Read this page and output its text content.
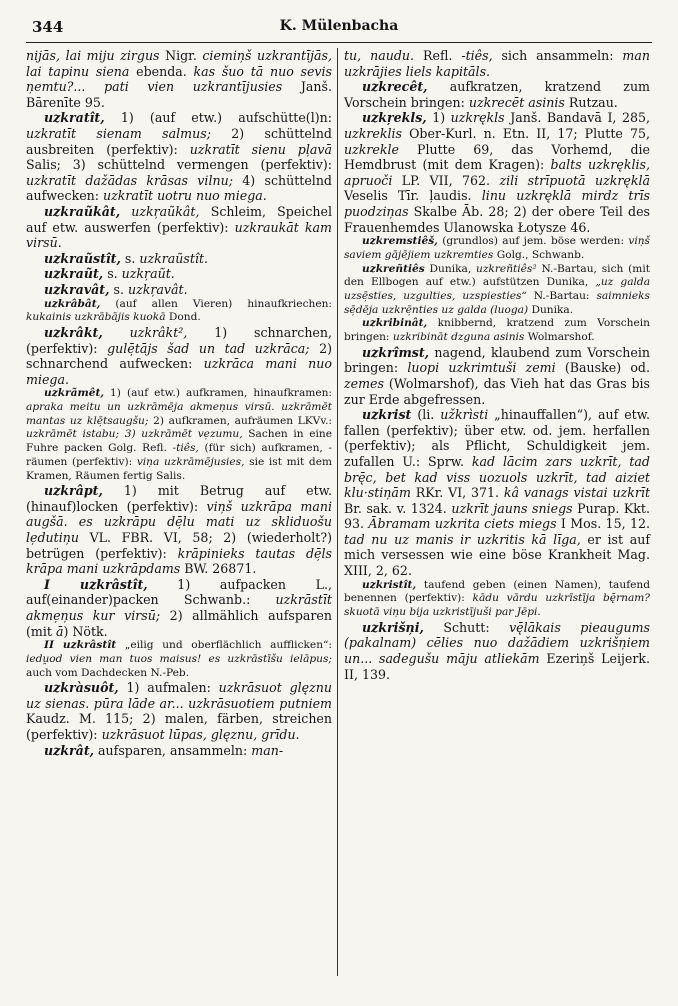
344	K. Mülenbacha

nijās, lai miju zirgus Nigr. ciemiņš uzkrantījās, lai tapinu siena ebenda. kas šuo tā nuo sevis ņemtu?... pati vien uzkrantījusies Janš. Bārenīte 95.

uzkratît, 1) (auf etw.) aufschütte(l)n: uzkratīt sienam salmus; 2) schüttelnd ausbreiten (perfektiv): uzkratīt sienu pļavā Salis; 3) schüttelnd vermengen (perfektiv): uzkratīt dažādas krāsas vilnu; 4) schüttelnd aufwecken: uzkratīt uotru nuo miega.

uzkraũkât, uzkŗaũkât, Schleim, Speichel auf etw. auswerfen (perfektiv): uzkraukāt kam virsū.

uzkraũstît, s. uzkraũstît.

uzkraũt, s. uzkŗaũt.

uzkravât, s. uzkŗavât.

uzkrâbât, (auf allen Vieren) hinaufkriechen: kukainis uzkrābājis kuokā Dond.

uzkrâkt, uzkrâkt², 1) schnarchen, (perfektiv): gulē̦tājs šad un tad uzkrāca; 2) schnarchend aufwecken: uzkrāca mani nuo miega.

uzkrãmêt, 1) (auf etw.) aufkramen, hinaufkramen: apraka meitu un uzkrāmēja akmeņus virsū. uzkrāmēt mantas uz klē̦tsaugšu; 2) aufkramen, aufräumen LKVv.: uzkrāmēt istabu; 3) uzkrāmēt ve̦zumu, Sachen in eine Fuhre packen Golg. Refl. -tiês, (für sich) aufkramen, -räumen (perfektiv): viņa uzkrāmējusies, sie ist mit dem Kramen, Räumen fertig Salis.

uzkrâpt, 1) mit Betrug auf etw. (hinauf)locken (perfektiv): viņš uzkrāpa mani augšā. es uzkrāpu dē̦lu mati uz skliduošu le̦dutiņu VL. FBR. VI, 58; 2) (wiederholt?) betrügen (perfektiv): krāpinieks tautas dē̦ls krāpa mani uzkrāpdams BW. 26871.

I uzkrâstît, 1) aufpacken L., auf(einander)packen Schwanb.: uzkrāstīt akme̦ņus kur virsū; 2) allmählich aufsparen (mit ā) Nötk.

II uzkrâstît „eilig und oberflächlich aufflicken“: iedu̯od vien man tuos maisus! es uzkrāstīšu ielāpus; auch vom Dachdecken N.-Peb.

uzkràsuôt, 1) aufmalen: uzkrāsuot glęznu uz sienas. pūra lāde ar... uzkrāsuotiem putniem Kaudz. M. 115; 2) malen, färben, streichen (perfektiv): uzkrāsuot lūpas, glęznu, grīdu.

uzkrât, aufsparen, ansammeln: man-

tu, naudu. Refl. -tiês, sich ansammeln: man uzkrājies liels kapitāls.

uzkrecêt, aufkratzen, kratzend zum Vorschein bringen: uzkrecēt asinis Rutzau.

uzkr̦ekls, 1) uzkrękls Janš. Bandavā I, 285, uzkreklis Ober-Kurl. n. Etn. II, 17; Plutte 75, uzkrekle Plutte 69, das Vorhemd, die Hemdbrust (mit dem Kragen): balts uzkręklis, apruoči LP. VII, 762. zili strīpuotā uzkręklā Veselis Tīr. ļaudis. linu uzkręklā mirdz trīs puodziņas Skalbe Āb. 28; 2) der obere Teil des Frauenhemdes Ulanowska Łotysze 46.

uzkremstiêš, (grundlos) auf jem. böse werden: viņš saviem gājējiem uzkremties Golg., Schwanb.

uzkreñtiês Dunika, uzkreñtiês² N.-Bartau, sich (mit den Ellbogen auf etw.) aufstützen Dunika, „uz galda uzsē̦sties, uzgulties, uzspiesties“ N.-Bartau: saimnieks sē̦dēja uzkrē̦nties uz galda (luoga) Dunika.

uzkribinât, knibbernd, kratzend zum Vorschein bringen: uzkribināt dzguna asinis Wolmarshof.

uzkrîmst, nagend, klaubend zum Vorschein bringen: luopi uzkrimtuši zemi (Bauske) od. zemes (Wolmarshof), das Vieh hat das Gras bis zur Erde abgefressen.

uzkrist (li. užkrìsti „hinauffallen“), auf etw. fallen (perfektiv); über etw. od. jem. herfallen (perfektiv); als Pflicht, Schuldigkeit jem. zufallen U.: Sprw. kad lācim zars uzkrīt, tad brę̄c, bet kad viss uozuols uzkrīt, tad aiziet klu·stiņām RKr. VI, 371. kâ vanags vistai uzkrīt Br. sak. v. 1324. uzkrīt jauns sniegs Purap. Kkt. 93. Ābramam uzkrita ciets miegs I Mos. 15, 12. tad nu uz manis ir uzkritis kā līga, er ist auf mich versessen wie eine böse Krankheit Mag. XIII, 2, 62.

uzkristît, taufend geben (einen Namen), taufend benennen (perfektiv): kādu vārdu uzkrīstīja bę̄rnam? skuotā viņu bija uzkristījuši par Jēpi.

uzkrišņi, Schutt: vę̄lākais pieaugums (pakalnam) cēlies nuo dažādiem uzkrišņiem un... sadegušu māju atliekām Ezeriņš Leijerk. II, 139.
